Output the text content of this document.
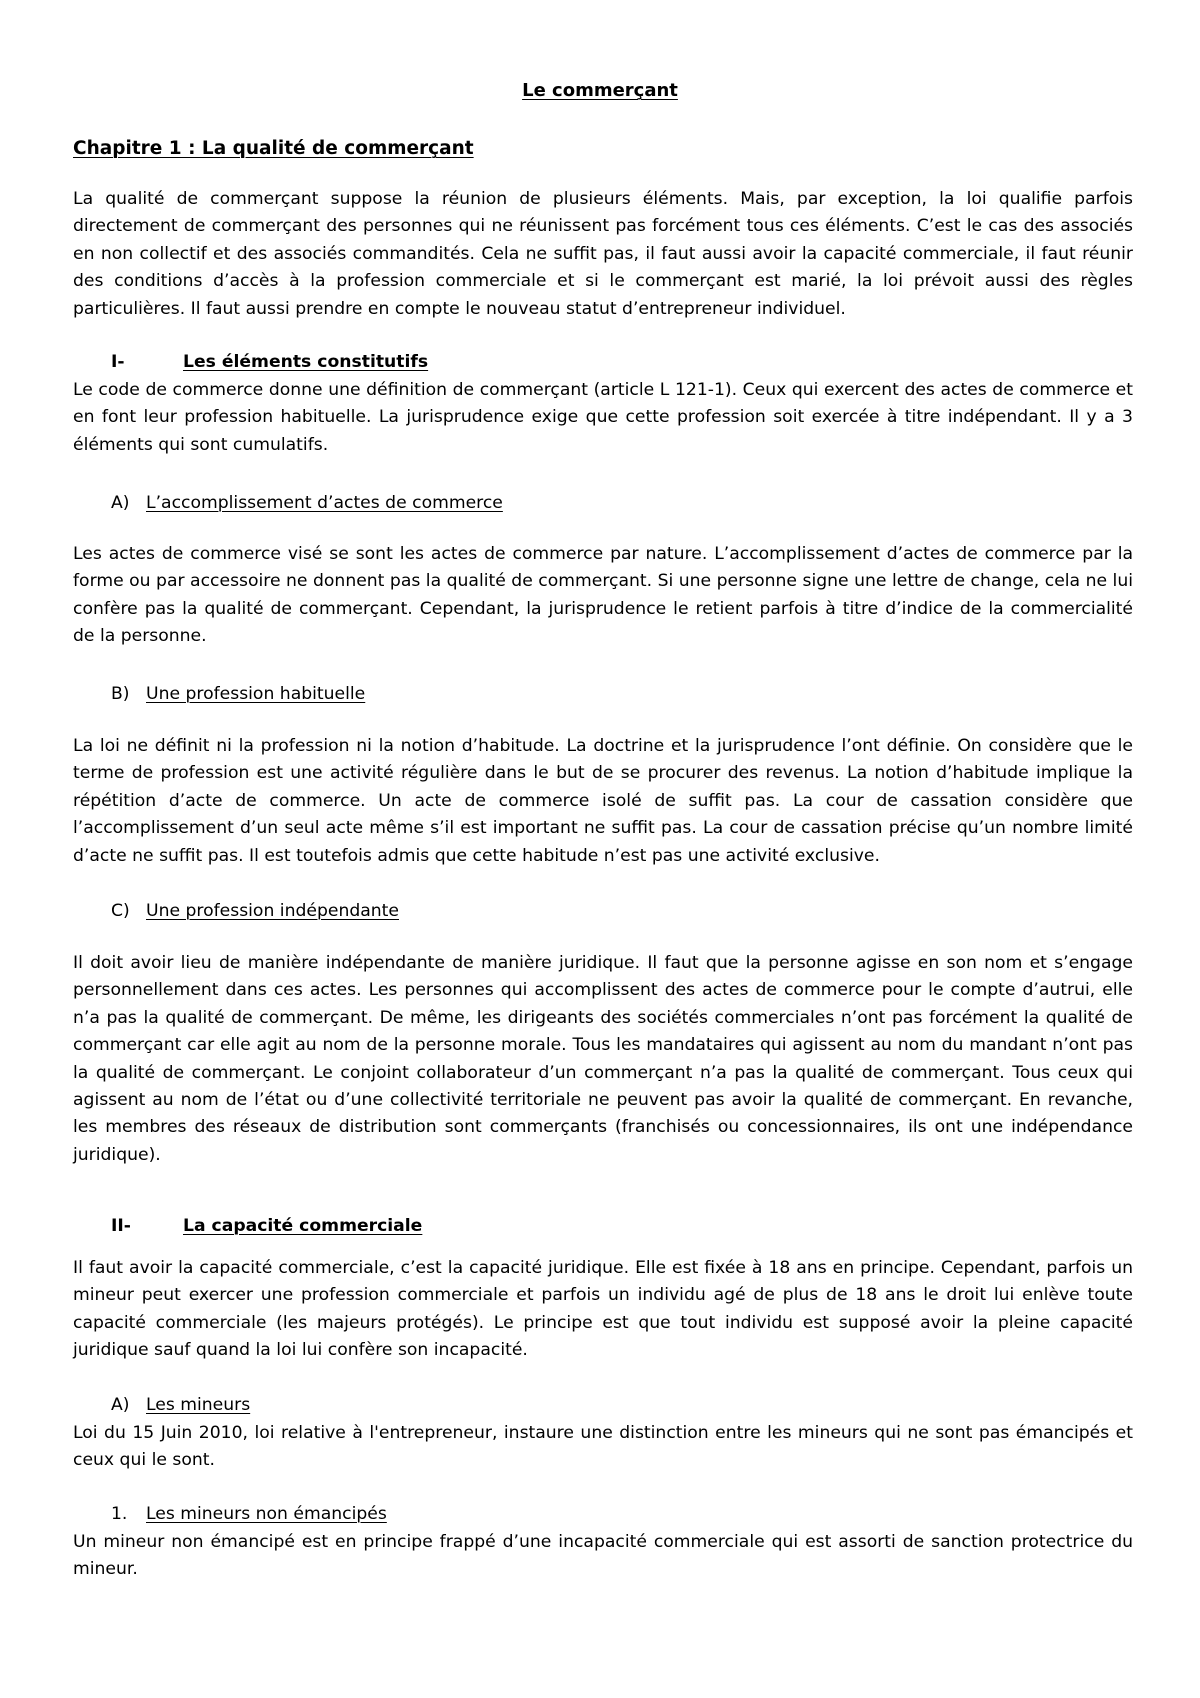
Le commerçant
Chapitre 1 : La qualité de commerçant

La qualité de commerçant suppose la réunion de plusieurs éléments. Mais, par exception, la loi qualifie parfois directement de commerçant des personnes qui ne réunissent pas forcément tous ces éléments. C’est le cas des associés en non collectif et des associés commandités. Cela ne suffit pas, il faut aussi avoir la capacité commerciale, il faut réunir des conditions d’accès à la profession commerciale et si le commerçant est marié, la loi prévoit aussi des règles particulières. Il faut aussi prendre en compte le nouveau statut d’entrepreneur individuel.

I-	Les éléments constitutifs

Le code de commerce donne une définition de commerçant (article L 121-1). Ceux qui exercent des actes de commerce et en font leur profession habituelle. La jurisprudence exige que cette profession soit exercée à titre indépendant. Il y a 3 éléments qui sont cumulatifs.

A) L’accomplissement d’actes de commerce

Les actes de commerce visé se sont les actes de commerce par nature. L’accomplissement d’actes de commerce par la forme ou par accessoire ne donnent pas la qualité de commerçant. Si une personne signe une lettre de change, cela ne lui confère pas la qualité de commerçant. Cependant, la jurisprudence le retient parfois à titre d’indice de la commercialité de la personne.

B) Une profession habituelle

La loi ne définit ni la profession ni la notion d’habitude. La doctrine et la jurisprudence l’ont définie. On considère que le terme de profession est une activité régulière dans le but de se procurer des revenus. La notion d’habitude implique la répétition d’acte de commerce. Un acte de commerce isolé de suffit pas. La cour de cassation considère que l’accomplissement d’un seul acte même s’il est important ne suffit pas. La cour de cassation précise qu’un nombre limité d’acte ne suffit pas. Il est toutefois admis que cette habitude n’est pas une activité exclusive.

C) Une profession indépendante

Il doit avoir lieu de manière indépendante de manière juridique. Il faut que la personne agisse en son nom et s’engage personnellement dans ces actes. Les personnes qui accomplissent des actes de commerce pour le compte d’autrui, elle n’a pas la qualité de commerçant. De même, les dirigeants des sociétés commerciales n’ont pas forcément la qualité de commerçant car elle agit au nom de la personne morale. Tous les mandataires qui agissent au nom du mandant n’ont pas la qualité de commerçant. Le conjoint collaborateur d’un commerçant n’a pas la qualité de commerçant. Tous ceux qui agissent au nom de l’état ou d’une collectivité territoriale ne peuvent pas avoir la qualité de commerçant. En revanche, les membres des réseaux de distribution sont commerçants (franchisés ou concessionnaires, ils ont une indépendance juridique).

II-	La capacité commerciale

Il faut avoir la capacité commerciale, c’est la capacité juridique. Elle est fixée à 18 ans en principe. Cependant, parfois un mineur peut exercer une profession commerciale et parfois un individu agé de plus de 18 ans le droit lui enlève toute capacité commerciale (les majeurs protégés). Le principe est que tout individu est supposé avoir la pleine capacité juridique sauf quand la loi lui confère son incapacité.

A) Les mineurs

Loi du 15 Juin 2010, loi relative à l'entrepreneur, instaure une distinction entre les mineurs qui ne sont pas émancipés et ceux qui le sont.

1. Les mineurs non émancipés

Un mineur non émancipé est en principe frappé d’une incapacité commerciale qui est assorti de sanction protectrice du mineur.
